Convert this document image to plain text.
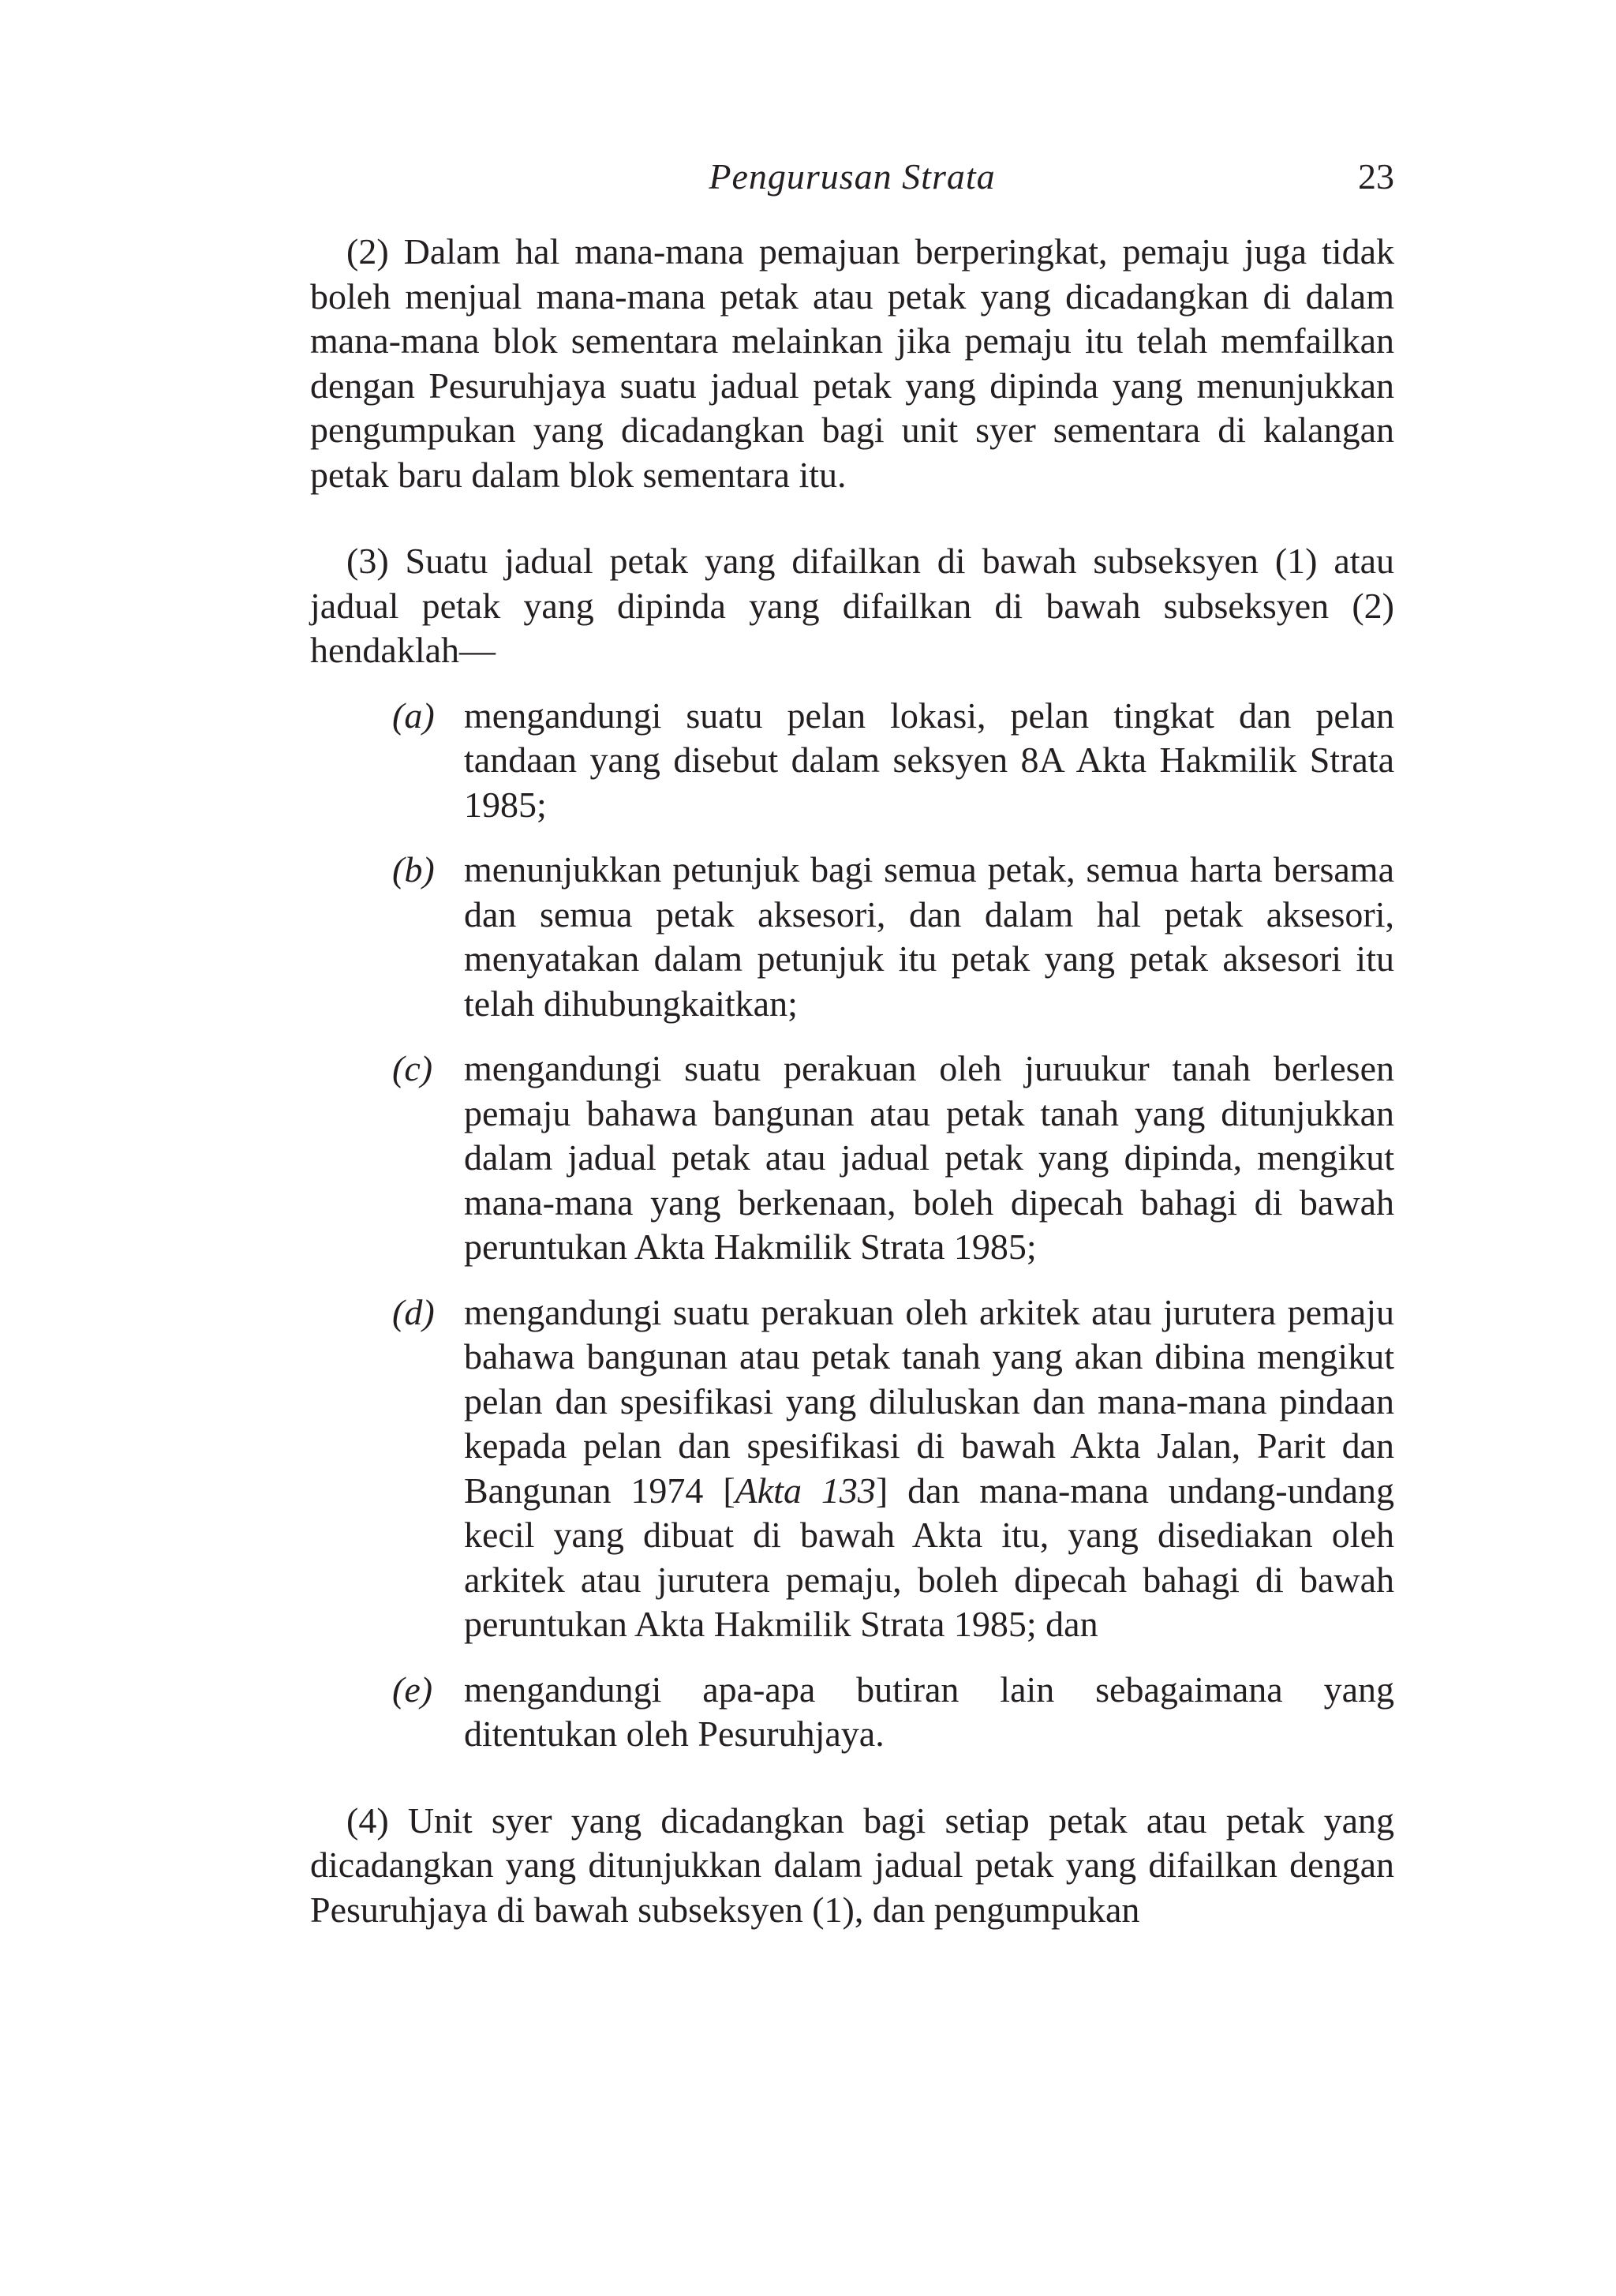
Pengurusan Strata	23

(2) Dalam hal mana-mana pemajuan berperingkat, pemaju juga tidak boleh menjual mana-mana petak atau petak yang dicadangkan di dalam mana-mana blok sementara melainkan jika pemaju itu telah memfailkan dengan Pesuruhjaya suatu jadual petak yang dipinda yang menunjukkan pengumpukan yang dicadangkan bagi unit syer sementara di kalangan petak baru dalam blok sementara itu.

(3) Suatu jadual petak yang difailkan di bawah subseksyen (1) atau jadual petak yang dipinda yang difailkan di bawah subseksyen (2) hendaklah—

(a) mengandungi suatu pelan lokasi, pelan tingkat dan pelan tandaan yang disebut dalam seksyen 8A Akta Hakmilik Strata 1985;
(b) menunjukkan petunjuk bagi semua petak, semua harta bersama dan semua petak aksesori, dan dalam hal petak aksesori, menyatakan dalam petunjuk itu petak yang petak aksesori itu telah dihubungkaitkan;
(c) mengandungi suatu perakuan oleh juruukur tanah berlesen pemaju bahawa bangunan atau petak tanah yang ditunjukkan dalam jadual petak atau jadual petak yang dipinda, mengikut mana-mana yang berkenaan, boleh dipecah bahagi di bawah peruntukan Akta Hakmilik Strata 1985;
(d) mengandungi suatu perakuan oleh arkitek atau jurutera pemaju bahawa bangunan atau petak tanah yang akan dibina mengikut pelan dan spesifikasi yang diluluskan dan mana-mana pindaan kepada pelan dan spesifikasi di bawah Akta Jalan, Parit dan Bangunan 1974 [Akta 133] dan mana-mana undang-undang kecil yang dibuat di bawah Akta itu, yang disediakan oleh arkitek atau jurutera pemaju, boleh dipecah bahagi di bawah peruntukan Akta Hakmilik Strata 1985; dan
(e) mengandungi apa-apa butiran lain sebagaimana yang ditentukan oleh Pesuruhjaya.

(4) Unit syer yang dicadangkan bagi setiap petak atau petak yang dicadangkan yang ditunjukkan dalam jadual petak yang difailkan dengan Pesuruhjaya di bawah subseksyen (1), dan pengumpukan
